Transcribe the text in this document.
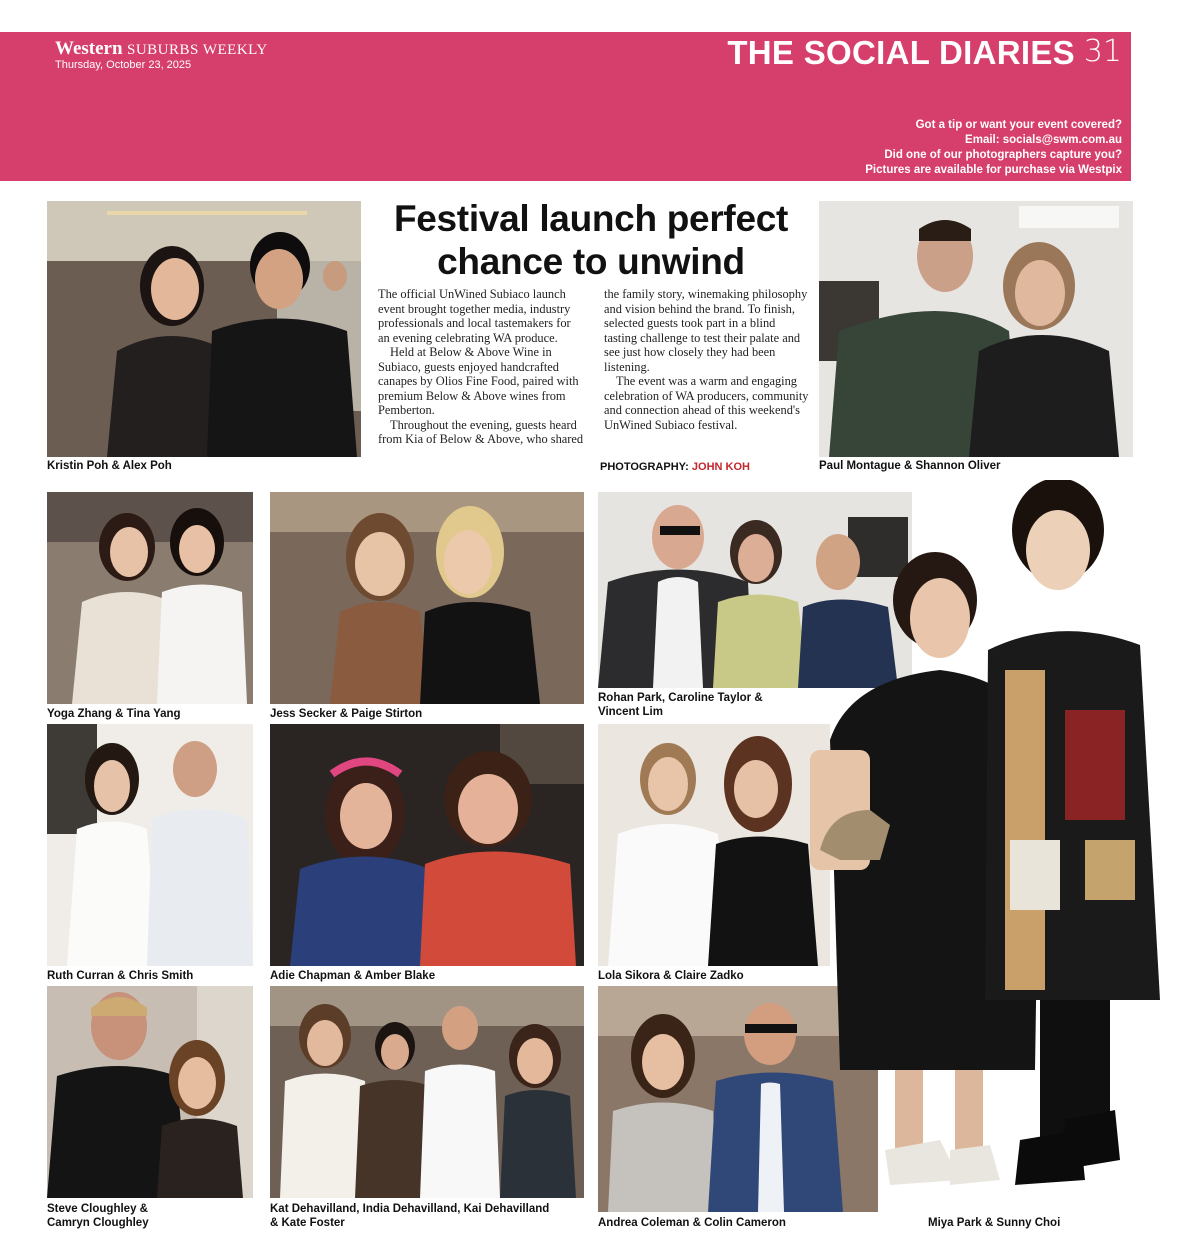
Western SUBURBS WEEKLY
Thursday, October 23, 2025	THE SOCIAL DIARIES 31
Got a tip or want your event covered?
Email: socials@swm.com.au
Did one of our photographers capture you?
Pictures are available for purchase via Westpix
Festival launch perfect
chance to unwind

The official UnWined Subiaco launch event brought together media, industry professionals and local tastemakers for an evening celebrating WA produce.

Held at Below & Above Wine in Subiaco, guests enjoyed handcrafted canapes by Olios Fine Food, paired with premium Below & Above wines from Pemberton.

Throughout the evening, guests heard from Kia of Below & Above, who shared the family story, winemaking philosophy and vision behind the brand. To finish, selected guests took part in a blind tasting challenge to test their palate and see just how closely they had been listening.

The event was a warm and engaging celebration of WA producers, community and connection ahead of this weekend's UnWined Subiaco festival.

PHOTOGRAPHY: JOHN KOH
Kristin Poh & Alex Poh	Paul Montague & Shannon Oliver
Yoga Zhang & Tina Yang	Jess Secker & Paige Stirton
Rohan Park, Caroline Taylor &
Vincent Lim
Ruth Curran & Chris Smith	Adie Chapman & Amber Blake	Lola Sikora & Claire Zadko
Steve Cloughley &
Camryn Cloughley
Kat Dehavilland, India Dehavilland, Kai Dehavilland
& Kate Foster	Andrea Coleman & Colin Cameron	Miya Park & Sunny Choi
